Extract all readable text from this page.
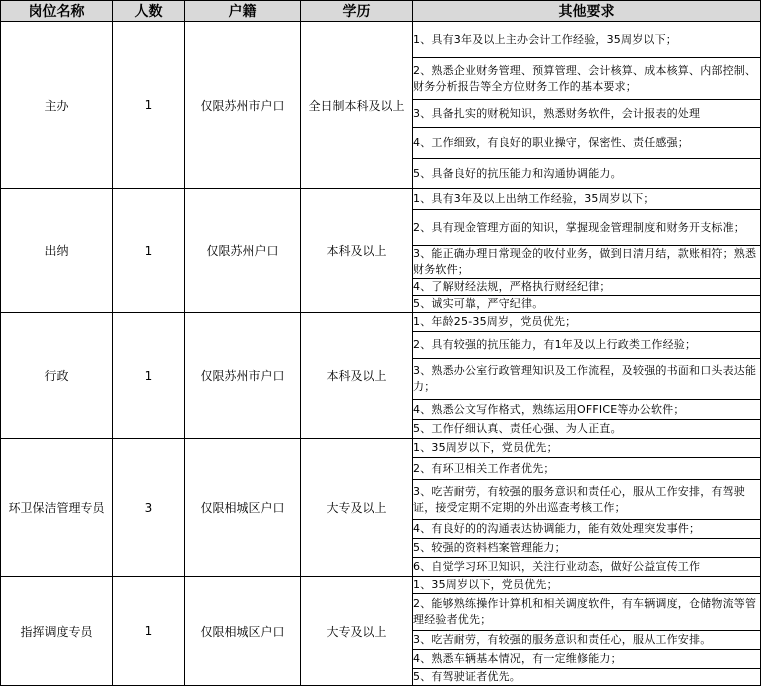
岗位名称	人数	户籍	学历	其他要求
主办	1	仅限苏州市户口	全日制本科及以上	1、具有3年及以上主办会计工作经验，35周岁以下；
				2、熟悉企业财务管理、预算管理、会计核算、成本核算、内部控制、财务分析报告等全方位财务工作的基本要求；
				3、具备扎实的财税知识，熟悉财务软件，会计报表的处理
				4、工作细致，有良好的职业操守，保密性、责任感强；
				5、具备良好的抗压能力和沟通协调能力。
出纳	1	仅限苏州户口	本科及以上	1、具有3年及以上出纳工作经验，35周岁以下；
				2、具有现金管理方面的知识，掌握现金管理制度和财务开支标准；
				3、能正确办理日常现金的收付业务，做到日清月结，款账相符；熟悉财务软件；
				4、了解财经法规，严格执行财经纪律；
				5、诚实可靠，严守纪律。
行政	1	仅限苏州市户口	本科及以上	1、年龄25-35周岁，党员优先；
				2、具有较强的抗压能力，有1年及以上行政类工作经验；
				3、熟悉办公室行政管理知识及工作流程，及较强的书面和口头表达能力；
				4、熟悉公文写作格式，熟练运用OFFICE等办公软件；
				5、工作仔细认真、责任心强、为人正直。
环卫保洁管理专员	3	仅限相城区户口	大专及以上	1、35周岁以下，党员优先；
				2、有环卫相关工作者优先；
				3、吃苦耐劳，有较强的服务意识和责任心，服从工作安排，有驾驶证，接受定期不定期的外出巡查考核工作；
				4、有良好的的沟通表达协调能力，能有效处理突发事件；
				5、较强的资料档案管理能力；
				6、自觉学习环卫知识，关注行业动态，做好公益宣传工作
指挥调度专员	1	仅限相城区户口	大专及以上	1、35周岁以下，党员优先；
				2、能够熟练操作计算机和相关调度软件，有车辆调度，仓储物流等管理经验者优先；
				3、吃苦耐劳，有较强的服务意识和责任心，服从工作安排。
				4、熟悉车辆基本情况，有一定维修能力；
				5、有驾驶证者优先。
